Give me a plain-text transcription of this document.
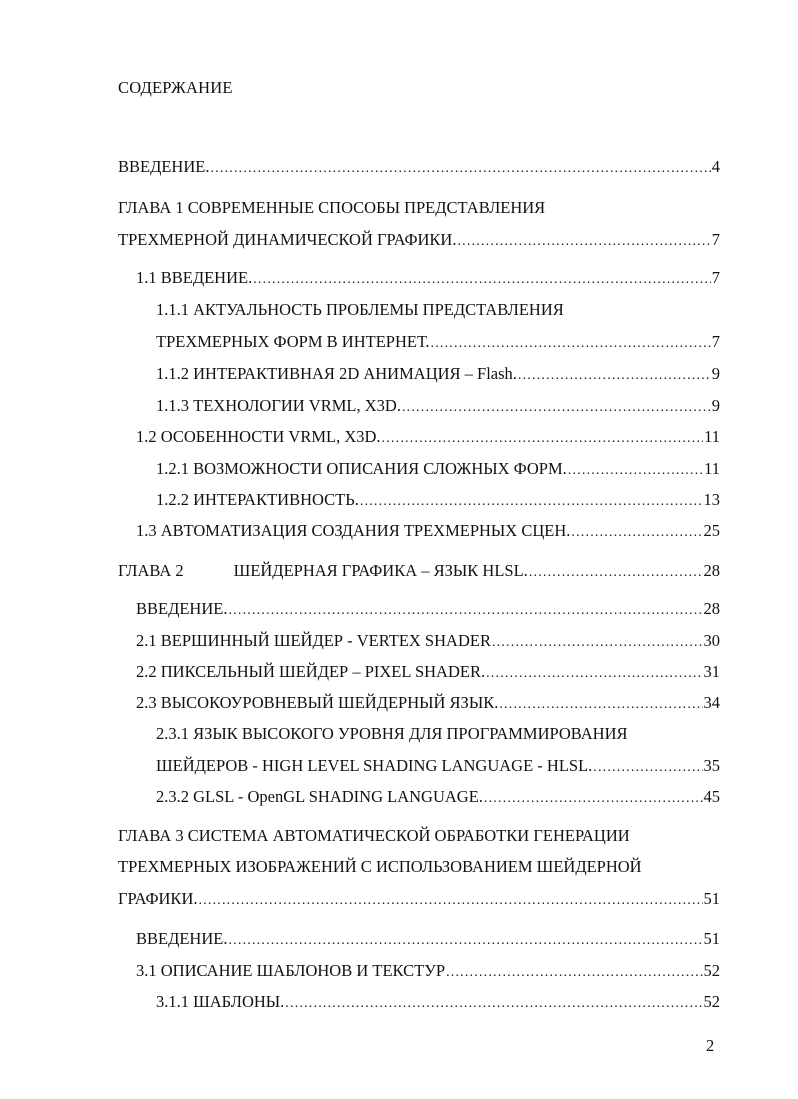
СОДЕРЖАНИЕ
ВВЕДЕНИЕ. .....	4
ГЛАВА 1 СОВРЕМЕННЫЕ СПОСОБЫ ПРЕДСТАВЛЕНИЯ
ТРЕХМЕРНОЙ ДИНАМИЧЕСКОЙ ГРАФИКИ. .....	7
1.1 ВВЕДЕНИЕ. .....	7
1.1.1 АКТУАЛЬНОСТЬ ПРОБЛЕМЫ ПРЕДСТАВЛЕНИЯ
ТРЕХМЕРНЫХ ФОРМ В ИНТЕРНЕТ. .....	7
1.1.2 ИНТЕРАКТИВНАЯ 2D АНИМАЦИЯ – Flash. .....	9
1.1.3 ТЕХНОЛОГИИ VRML, X3D. .....	9
1.2 ОСОБЕННОСТИ VRML, X3D. .....	11
1.2.1 ВОЗМОЖНОСТИ ОПИСАНИЯ СЛОЖНЫХ ФОРМ. .....	11
1.2.2 ИНТЕРАКТИВНОСТЬ. .....	13
1.3 АВТОМАТИЗАЦИЯ СОЗДАНИЯ ТРЕХМЕРНЫХ СЦЕН. .....	25
ГЛАВА 2	ШЕЙДЕРНАЯ ГРАФИКА – ЯЗЫК HLSL. .....	28
ВВЕДЕНИЕ. .....	28
2.1 ВЕРШИННЫЙ ШЕЙДЕР - VERTEX SHADER .....	30
2.2 ПИКСЕЛЬНЫЙ ШЕЙДЕР – PIXEL SHADER. .....	31
2.3 ВЫСОКОУРОВНЕВЫЙ ШЕЙДЕРНЫЙ ЯЗЫК. .....	34
2.3.1 ЯЗЫК ВЫСОКОГО УРОВНЯ ДЛЯ ПРОГРАММИРОВАНИЯ
ШЕЙДЕРОВ - HIGH LEVEL SHADING LANGUAGE - HLSL. .....	35
2.3.2 GLSL - OpenGL SHADING LANGUAGE. .....	45
ГЛАВА 3 СИСТЕМА АВТОМАТИЧЕСКОЙ ОБРАБОТКИ ГЕНЕРАЦИИ
ТРЕХМЕРНЫХ ИЗОБРАЖЕНИЙ С ИСПОЛЬЗОВАНИЕМ ШЕЙДЕРНОЙ
ГРАФИКИ. .....	51
ВВЕДЕНИЕ. .....	51
3.1 ОПИСАНИЕ ШАБЛОНОВ И ТЕКСТУР .....	52
3.1.1 ШАБЛОНЫ. .....	52
2
